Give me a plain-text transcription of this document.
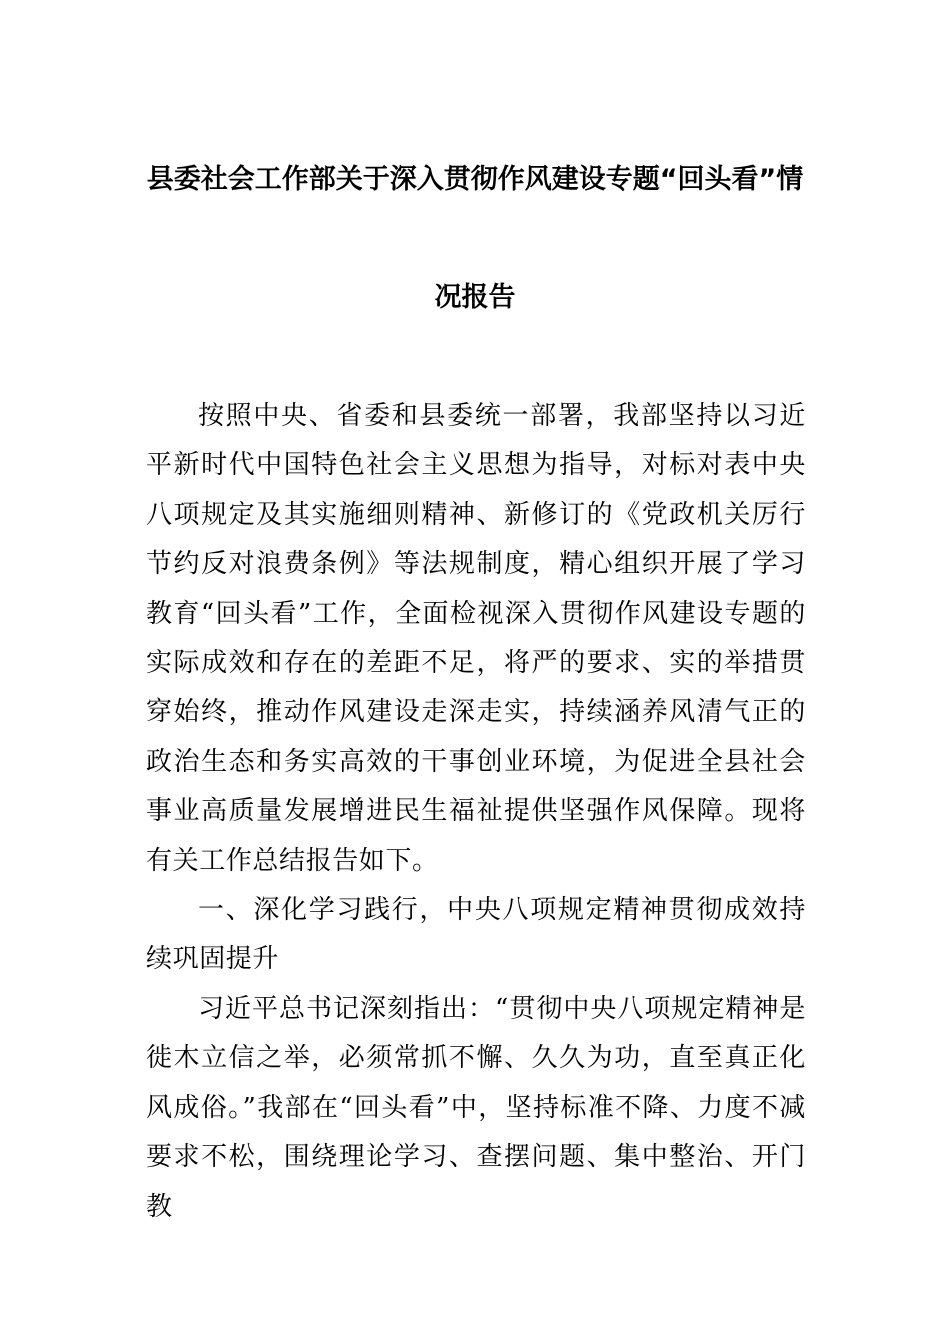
县委社会工作部关于深入贯彻作风建设专题“回头看”情
况报告

按照中央、省委和县委统一部署，我部坚持以习近平新时代中国特色社会主义思想为指导，对标对表中央八项规定及其实施细则精神、新修订的《党政机关厉行节约反对浪费条例》等法规制度，精心组织开展了学习教育“回头看”工作，全面检视深入贯彻作风建设专题的实际成效和存在的差距不足，将严的要求、实的举措贯穿始终，推动作风建设走深走实，持续涵养风清气正的政治生态和务实高效的干事创业环境，为促进全县社会事业高质量发展增进民生福祉提供坚强作风保障。现将有关工作总结报告如下。

一、深化学习践行，中央八项规定精神贯彻成效持续巩固提升

习近平总书记深刻指出：“贯彻中央八项规定精神是徙木立信之举，必须常抓不懈、久久为功，直至真正化风成俗。”我部在“回头看”中，坚持标准不降、力度不减要求不松，围绕理论学习、查摆问题、集中整治、开门教
